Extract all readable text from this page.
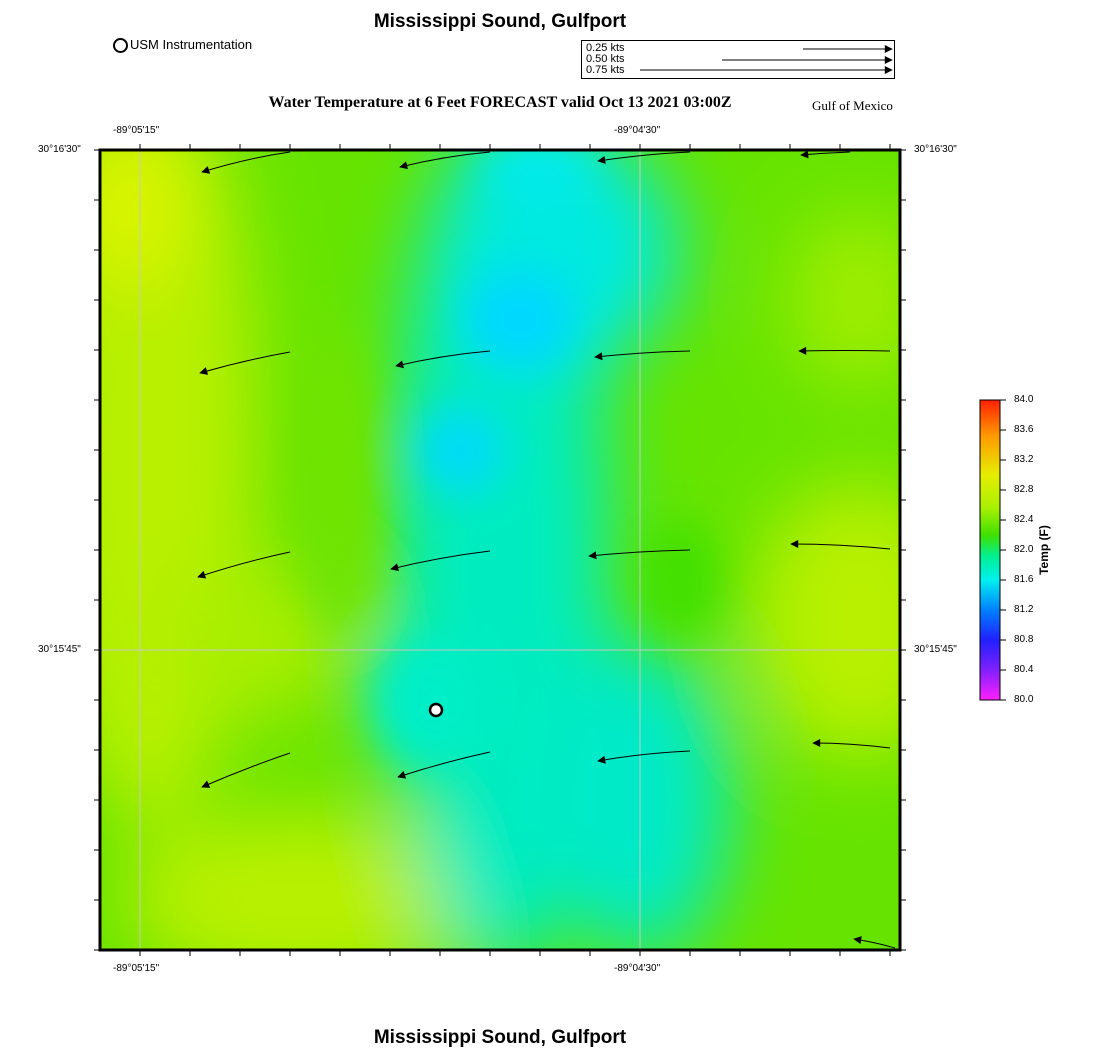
Mississippi Sound, Gulfport
Water Temperature at 6 Feet FORECAST valid Oct 13 2021 03:00Z	Gulf of Mexico
Mississippi Sound, Gulfport
USM Instrumentation	0.25 kts
0.50 kts
0.75 kts
-89°05'15"	-89°04'30"
-89°05'15"	-89°04'30"
30°16'30"
30°15'45"
30°16'30"
30°15'45"
84.0
83.6
83.2
82.8
82.4
82.0
81.6
81.2
80.8
80.4
80.0
Temp (F)
